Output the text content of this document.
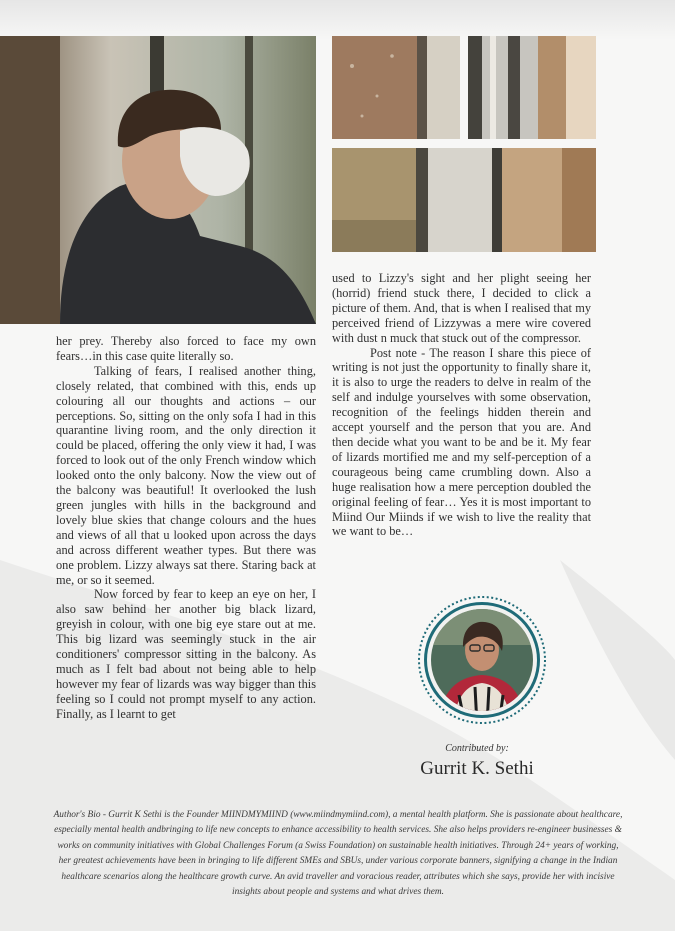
her prey. Thereby also forced to face my own fears…in this case quite literally so.

Talking of fears, I realised another thing, closely related, that combined with this, ends up colouring all our thoughts and actions – our perceptions. So, sitting on the only sofa I had in this quarantine living room, and the only direction it could be placed, offering the only view it had, I was forced to look out of the only French window which looked onto the only balcony. Now the view out of the balcony was beautiful! It overlooked the lush green jungles with hills in the background and lovely blue skies that change colours and the hues and views of all that u looked upon across the days and across different weather types. But there was one problem. Lizzy always sat there. Staring back at me, or so it seemed.

Now forced by fear to keep an eye on her, I also saw behind her another big black lizard, greyish in colour, with one big eye stare out at me. This big lizard was seemingly stuck in the air conditioners' compressor sitting in the balcony. As much as I felt bad about not being able to help however my fear of lizards was way bigger than this feeling so I could not prompt myself to any action. Finally, as I learnt to get

used to Lizzy's sight and her plight seeing her (horrid) friend stuck there, I decided to click a picture of them. And, that is when I realised that my perceived friend of Lizzywas a mere wire covered with dust n muck that stuck out of the compressor.

Post note - The reason I share this piece of writing is not just the opportunity to finally share it, it is also to urge the readers to delve in realm of the self and indulge yourselves with some observation, recognition of the feelings hidden therein and accept yourself and the person that you are. And then decide what you want to be and be it. My fear of lizards mortified me and my self-perception of a courageous being came crumbling down. Also a huge realisation how a mere perception doubled the original feeling of fear… Yes it is most important to Miind Our Miinds if we wish to live the reality that we want to be…

Contributed by:
Gurrit K. Sethi
Author's Bio - Gurrit K Sethi is the Founder MIINDMYMIIND (www.miindmymiind.com), a mental health platform. She is passionate about healthcare, especially mental health andbringing to life new concepts to enhance accessibility to health services. She also helps providers re-engineer businesses & works on community initiatives with Global Challenges Forum (a Swiss Foundation) on sustainable health initiatives. Through 24+ years of working, her greatest achievements have been in bringing to life different SMEs and SBUs, under various corporate banners, signifying a change in the Indian healthcare scenarios along the healthcare growth curve. An avid traveller and voracious reader, attributes which she says, provide her with incisive insights about people and systems and what drives them.
